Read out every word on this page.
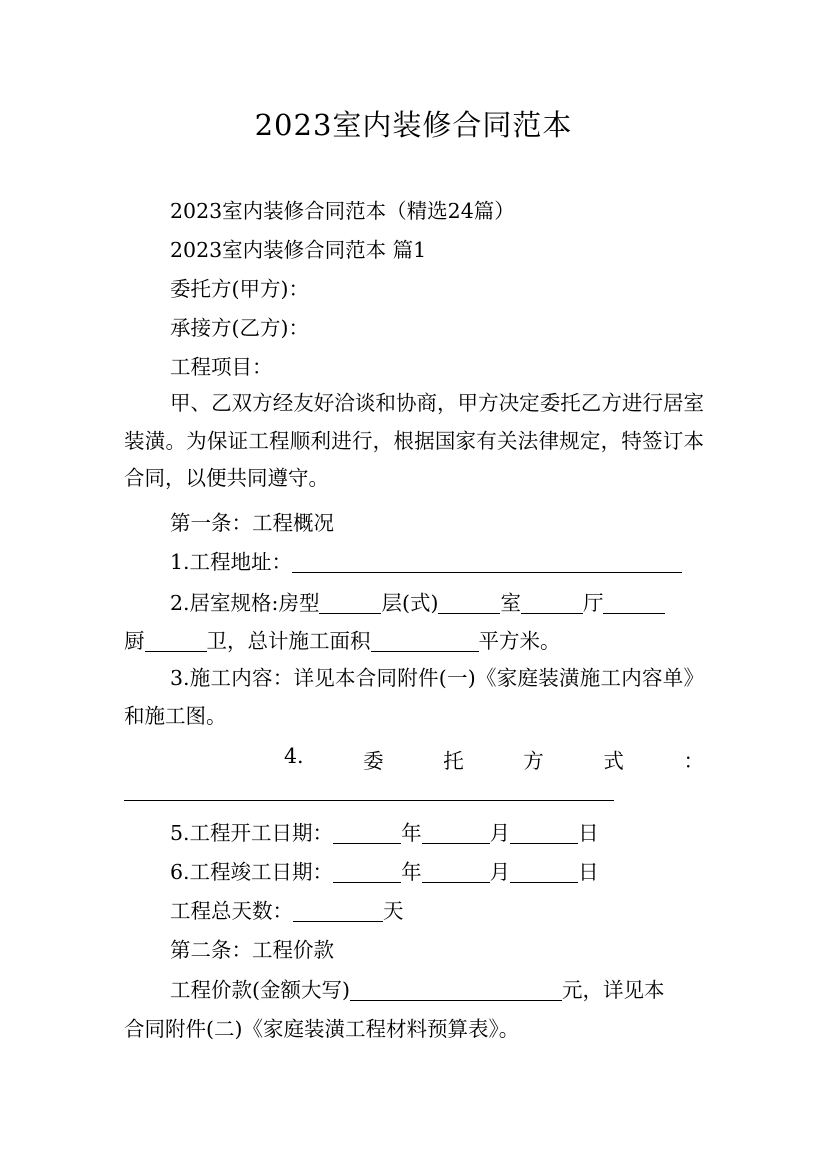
2023室内装修合同范本
2023室内装修合同范本（精选24篇）
2023室内装修合同范本 篇1
委托方(甲方)：
承接方(乙方)：
工程项目：
甲、乙双方经友好洽谈和协商，甲方决定委托乙方进行居室装潢。为保证工程顺利进行，根据国家有关法律规定，特签订本合同，以便共同遵守。
第一条：工程概况
1.工程地址：
2.居室规格:房型	层(式)	室	厅
厨	卫，总计施工面积	平方米。
3.施工内容：详见本合同附件(一)《家庭装潢施工内容单》和施工图。
4.	委	托	方	式	：
5.工程开工日期：	年	月	日
6.工程竣工日期：	年	月	日
工程总天数：	天
第二条：工程价款
工程价款(金额大写)	元，详见本
合同附件(二)《家庭装潢工程材料预算表》。
